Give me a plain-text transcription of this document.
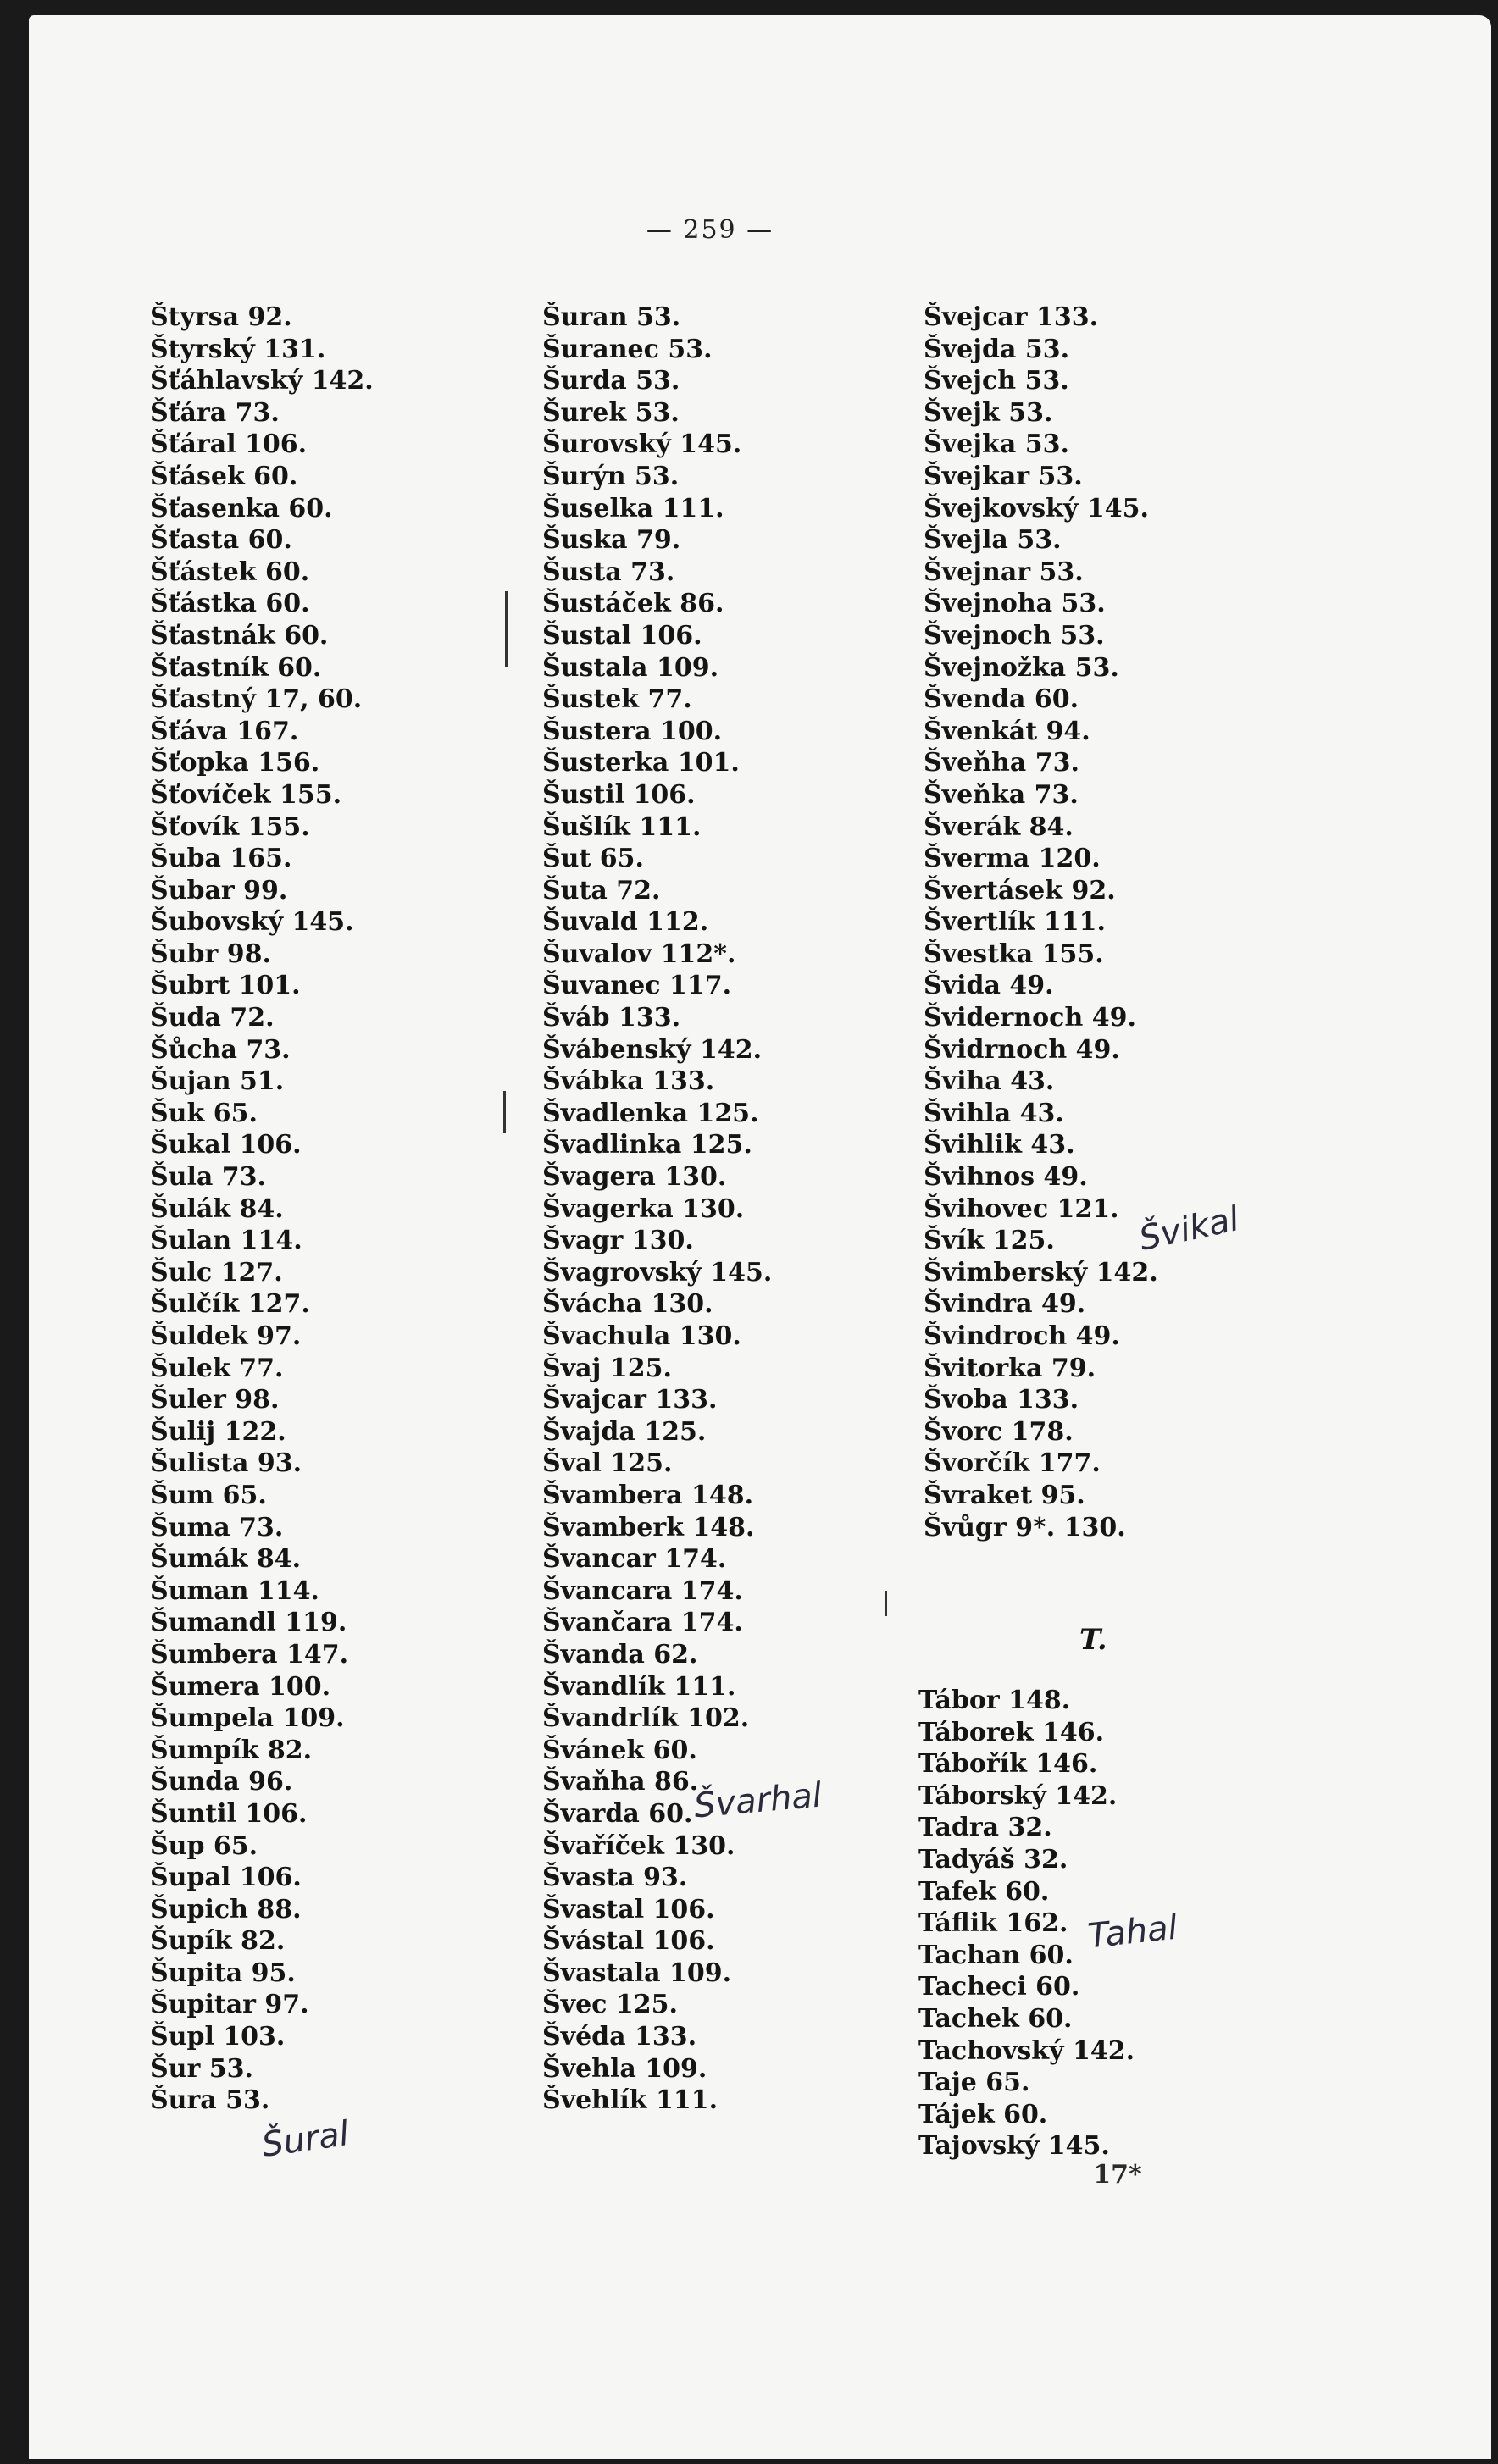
— 259 —
Štyrsa 92.
Štyrský 131.
Šťáhlavský 142.
Šťára 73.
Šťáral 106.
Šťásek 60.
Šťasenka 60.
Šťasta 60.
Šťástek 60.
Šťástka 60.
Šťastnák 60.
Šťastník 60.
Šťastný 17, 60.
Šťáva 167.
Šťopka 156.
Šťovíček 155.
Šťovík 155.
Šuba 165.
Šubar 99.
Šubovský 145.
Šubr 98.
Šubrt 101.
Šuda 72.
Šůcha 73.
Šujan 51.
Šuk 65.
Šukal 106.
Šula 73.
Šulák 84.
Šulan 114.
Šulc 127.
Šulčík 127.
Šuldek 97.
Šulek 77.
Šuler 98.
Šulij 122.
Šulista 93.
Šum 65.
Šuma 73.
Šumák 84.
Šuman 114.
Šumandl 119.
Šumbera 147.
Šumera 100.
Šumpela 109.
Šumpík 82.
Šunda 96.
Šuntil 106.
Šup 65.
Šupal 106.
Šupich 88.
Šupík 82.
Šupita 95.
Šupitar 97.
Šupl 103.
Šur 53.
Šura 53.
Šuran 53.
Šuranec 53.
Šurda 53.
Šurek 53.
Šurovský 145.
Šurýn 53.
Šuselka 111.
Šuska 79.
Šusta 73.
Šustáček 86.
Šustal 106.
Šustala 109.
Šustek 77.
Šustera 100.
Šusterka 101.
Šustil 106.
Šušlík 111.
Šut 65.
Šuta 72.
Šuvald 112.
Šuvalov 112*.
Šuvanec 117.
Šváb 133.
Švábenský 142.
Švábka 133.
Švadlenka 125.
Švadlinka 125.
Švagera 130.
Švagerka 130.
Švagr 130.
Švagrovský 145.
Švácha 130.
Švachula 130.
Švaj 125.
Švajcar 133.
Švajda 125.
Šval 125.
Švambera 148.
Švamberk 148.
Švancar 174.
Švancara 174.
Švančara 174.
Švanda 62.
Švandlík 111.
Švandrlík 102.
Švánek 60.
Švaňha 86.
Švarda 60.
Švaříček 130.
Švasta 93.
Švastal 106.
Švástal 106.
Švastala 109.
Švec 125.
Švéda 133.
Švehla 109.
Švehlík 111.
Švejcar 133.
Švejda 53.
Švejch 53.
Švejk 53.
Švejka 53.
Švejkar 53.
Švejkovský 145.
Švejla 53.
Švejnar 53.
Švejnoha 53.
Švejnoch 53.
Švejnožka 53.
Švenda 60.
Švenkát 94.
Šveňha 73.
Šveňka 73.
Šverák 84.
Šverma 120.
Švertásek 92.
Švertlík 111.
Švestka 155.
Švida 49.
Švidernoch 49.
Švidrnoch 49.
Šviha 43.
Švihla 43.
Švihlik 43.
Švihnos 49.
Švihovec 121.
Švík 125.
Švimberský 142.
Švindra 49.
Švindroch 49.
Švitorka 79.
Švoba 133.
Švorc 178.
Švorčík 177.
Švraket 95.
Švůgr 9*. 130.
T.
Tábor 148.
Táborek 146.
Tábořík 146.
Táborský 142.
Tadra 32.
Tadyáš 32.
Tafek 60.
Táflik 162.
Tachan 60.
Tacheci 60.
Tachek 60.
Tachovský 142.
Taje 65.
Tájek 60.
Tajovský 145.
17*
Šural
Švarhal
Švikal
Tahal
